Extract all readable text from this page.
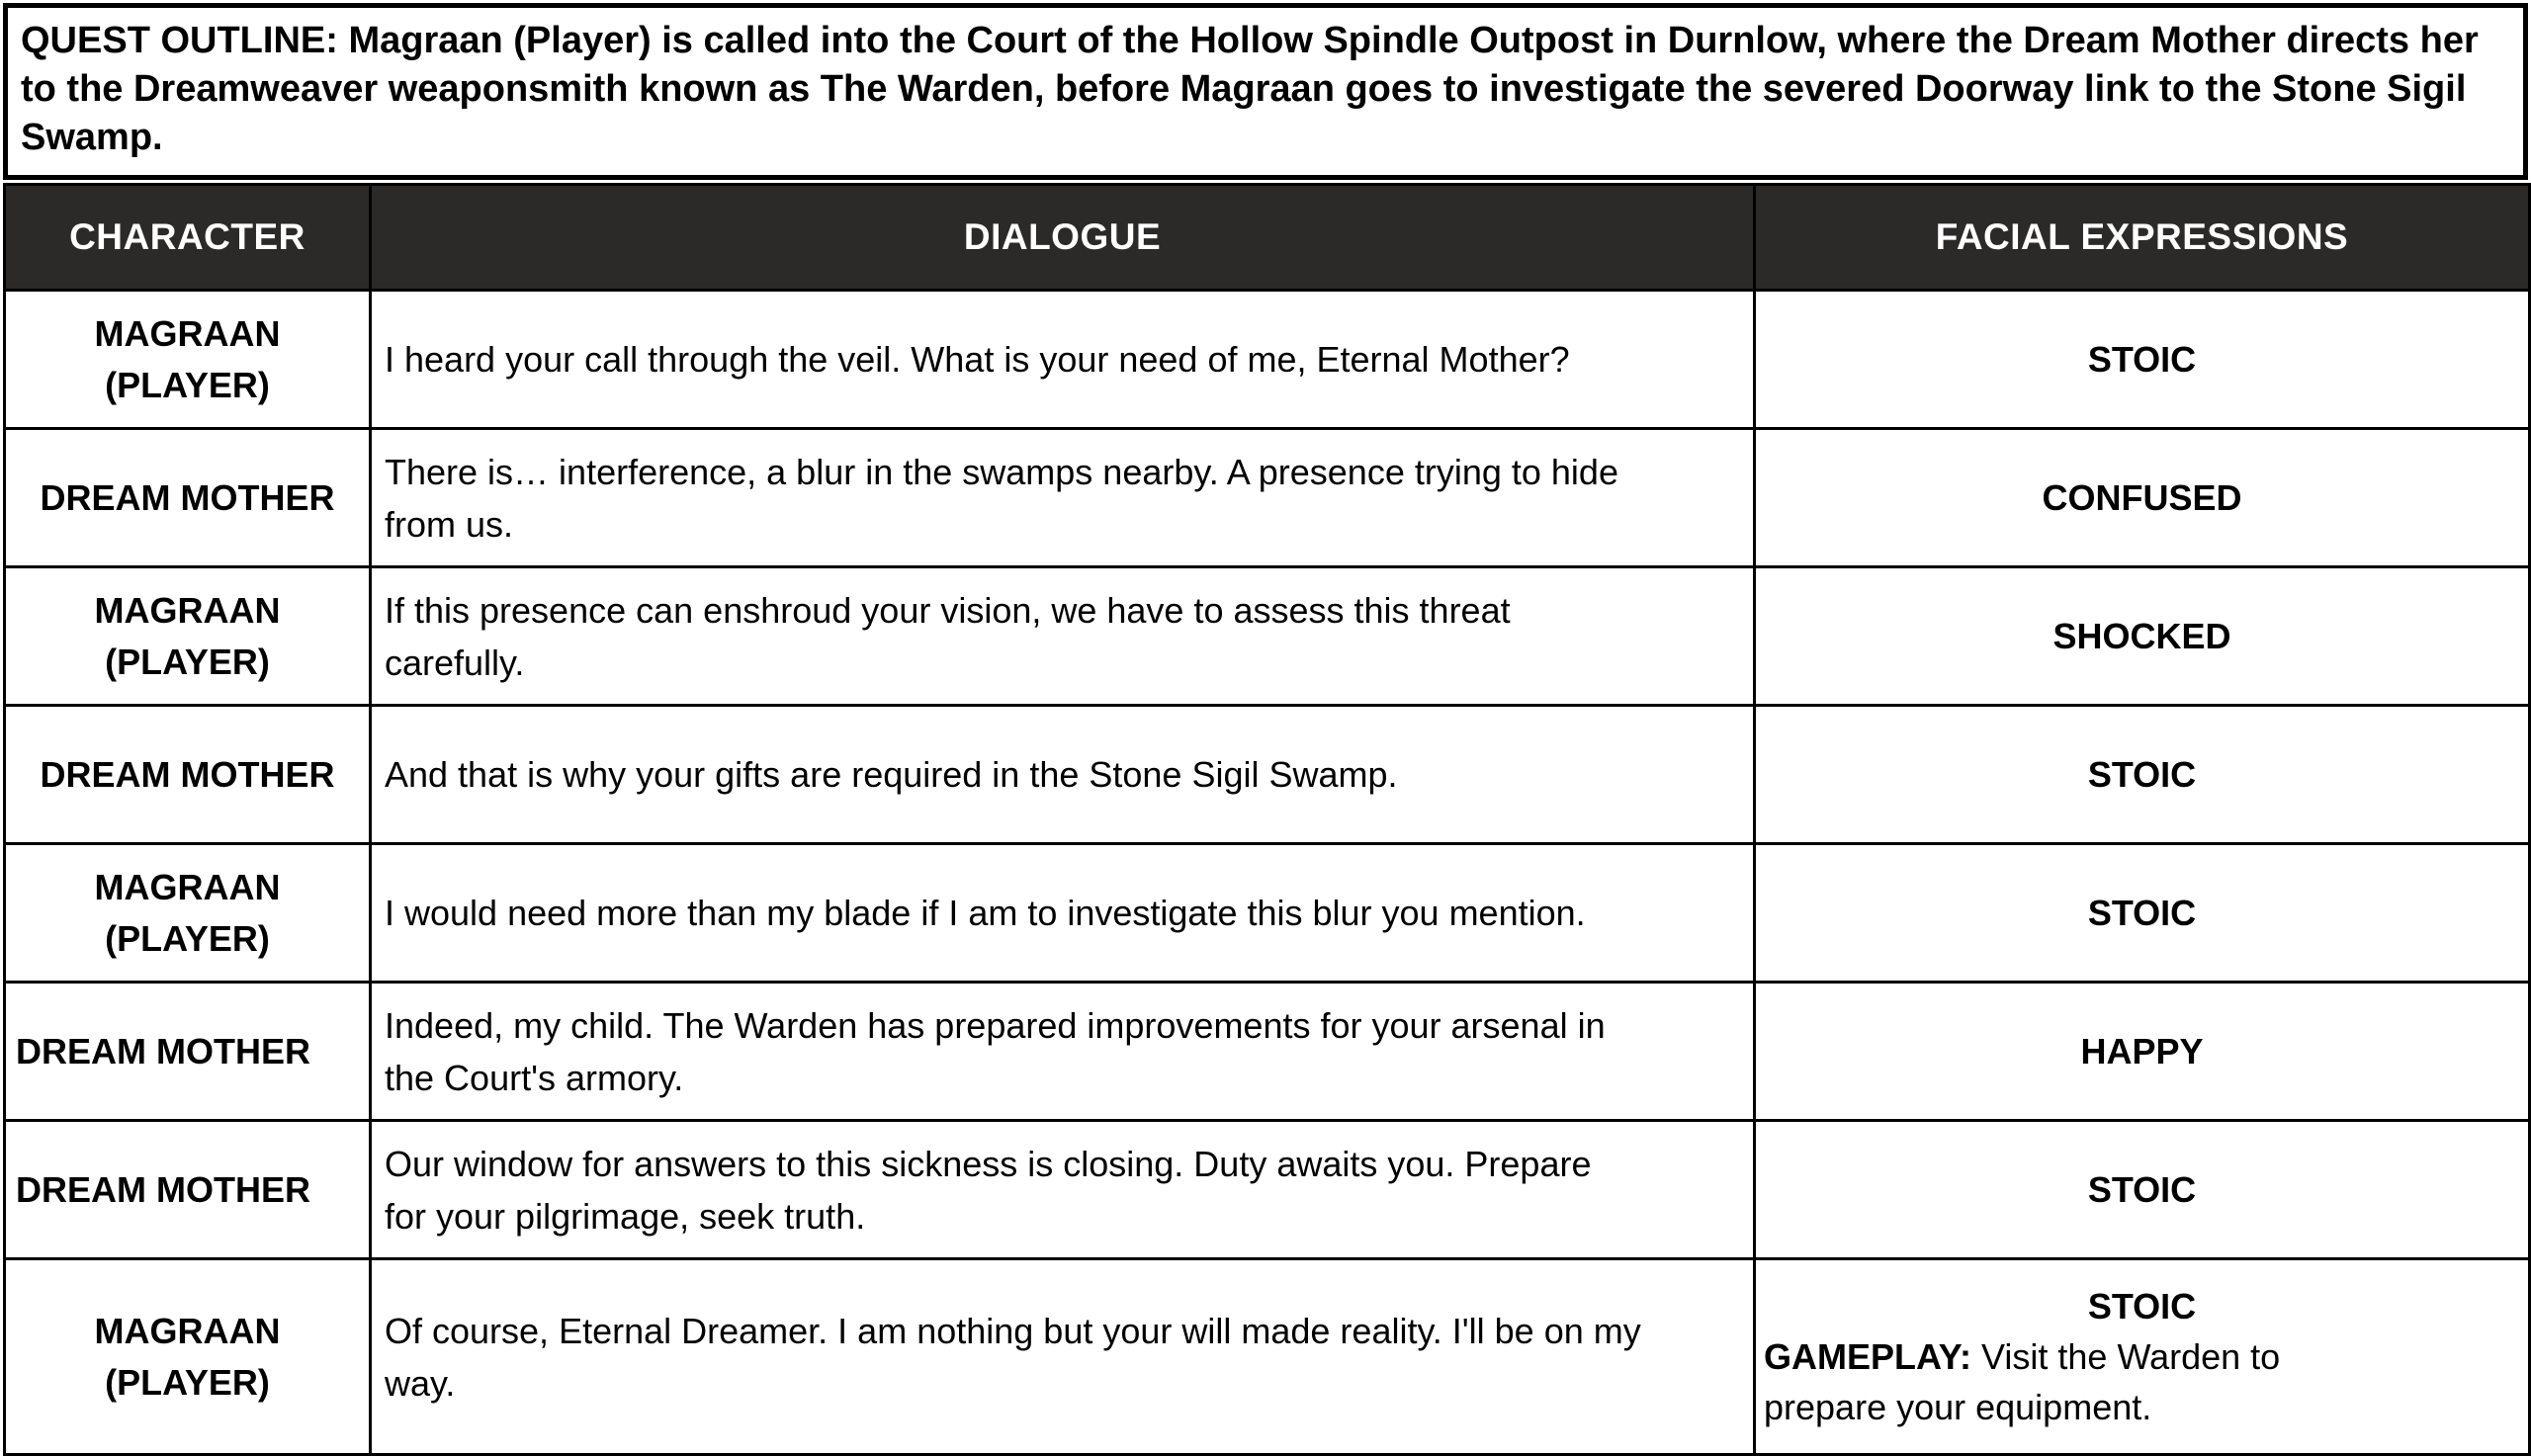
QUEST OUTLINE: Magraan (Player) is called into the Court of the Hollow Spindle Outpost in Durnlow, where the Dream Mother directs her to the Dreamweaver weaponsmith known as The Warden, before Magraan goes to investigate the severed Doorway link to the Stone Sigil Swamp.
CHARACTER	DIALOGUE	FACIAL EXPRESSIONS
MAGRAAN (PLAYER)	I heard your call through the veil. What is your need of me, Eternal Mother?	STOIC

DREAM MOTHER	There is… interference, a blur in the swamps nearby. A presence trying to hide from us.	CONFUSED

MAGRAAN (PLAYER)	If this presence can enshroud your vision, we have to assess this threat carefully.	SHOCKED

DREAM MOTHER	And that is why your gifts are required in the Stone Sigil Swamp.	STOIC

MAGRAAN (PLAYER)	I would need more than my blade if I am to investigate this blur you mention.	STOIC

DREAM MOTHER	Indeed, my child. The Warden has prepared improvements for your arsenal in the Court's armory.	HAPPY

DREAM MOTHER	Our window for answers to this sickness is closing. Duty awaits you. Prepare for your pilgrimage, seek truth.	STOIC

MAGRAAN (PLAYER)	Of course, Eternal Dreamer. I am nothing but your will made reality. I'll be on my way.	STOIC
GAMEPLAY: Visit the Warden to prepare your equipment.
